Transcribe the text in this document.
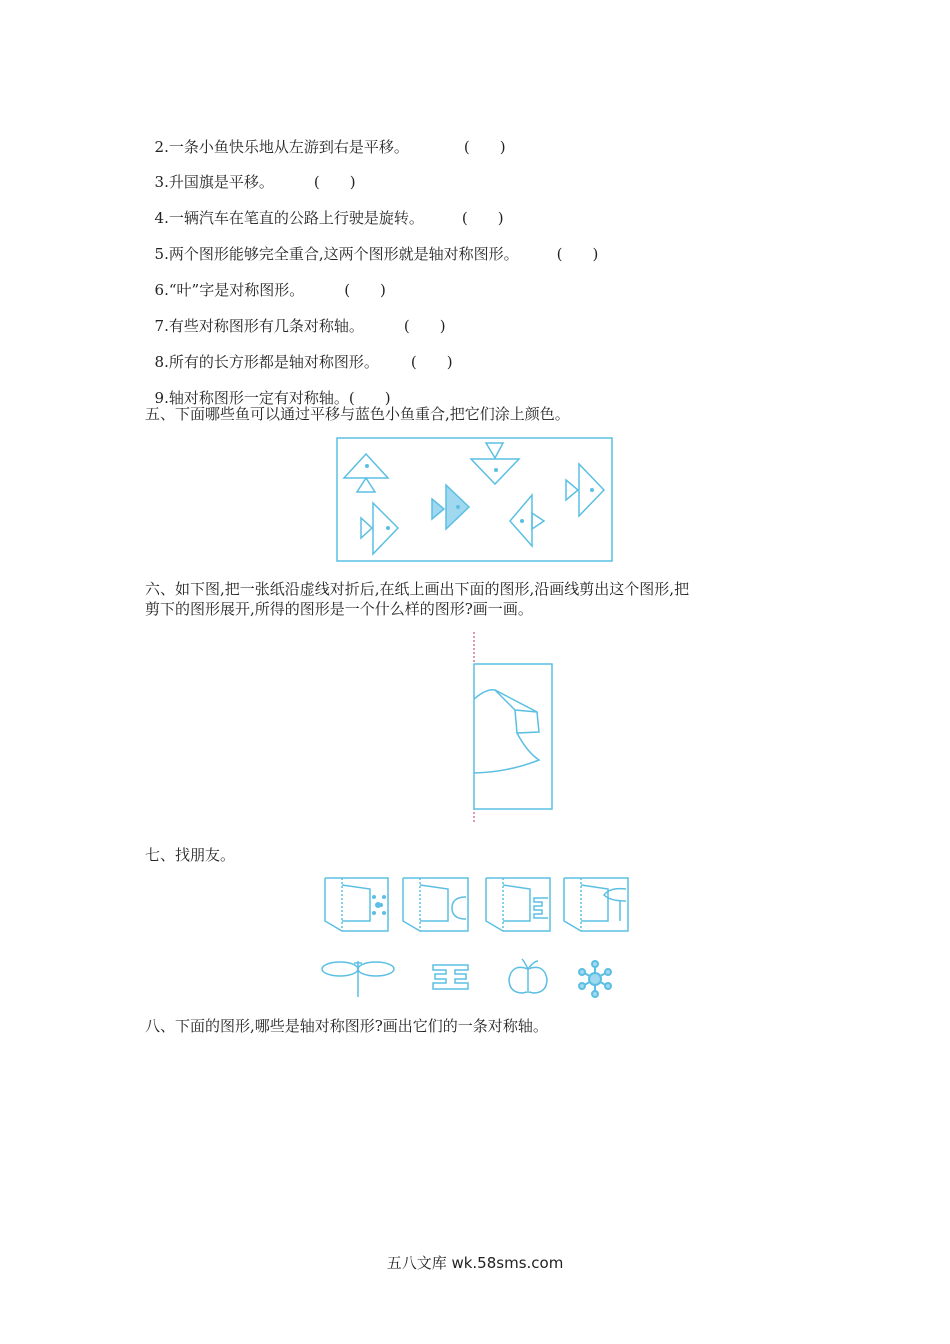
2.一条小鱼快乐地从左游到右是平移。	(　　)

3.升国旗是平移。	(　　)

4.一辆汽车在笔直的公路上行驶是旋转。	(　　)

5.两个图形能够完全重合,这两个图形就是轴对称图形。	(　　)

6.“叶”字是对称图形。	(　　)

7.有些对称图形有几条对称轴。	(　　)

8.所有的长方形都是轴对称图形。 (　　)

9.轴对称图形一定有对称轴。(　　)

五、下面哪些鱼可以通过平移与蓝色小鱼重合,把它们涂上颜色。
六、如下图,把一张纸沿虚线对折后,在纸上画出下面的图形,沿画线剪出这个图形,把
剪下的图形展开,所得的图形是一个什么样的图形?画一画。
七、找朋友。
八、下面的图形,哪些是轴对称图形?画出它们的一条对称轴。
五八文库 wk.58sms.com
